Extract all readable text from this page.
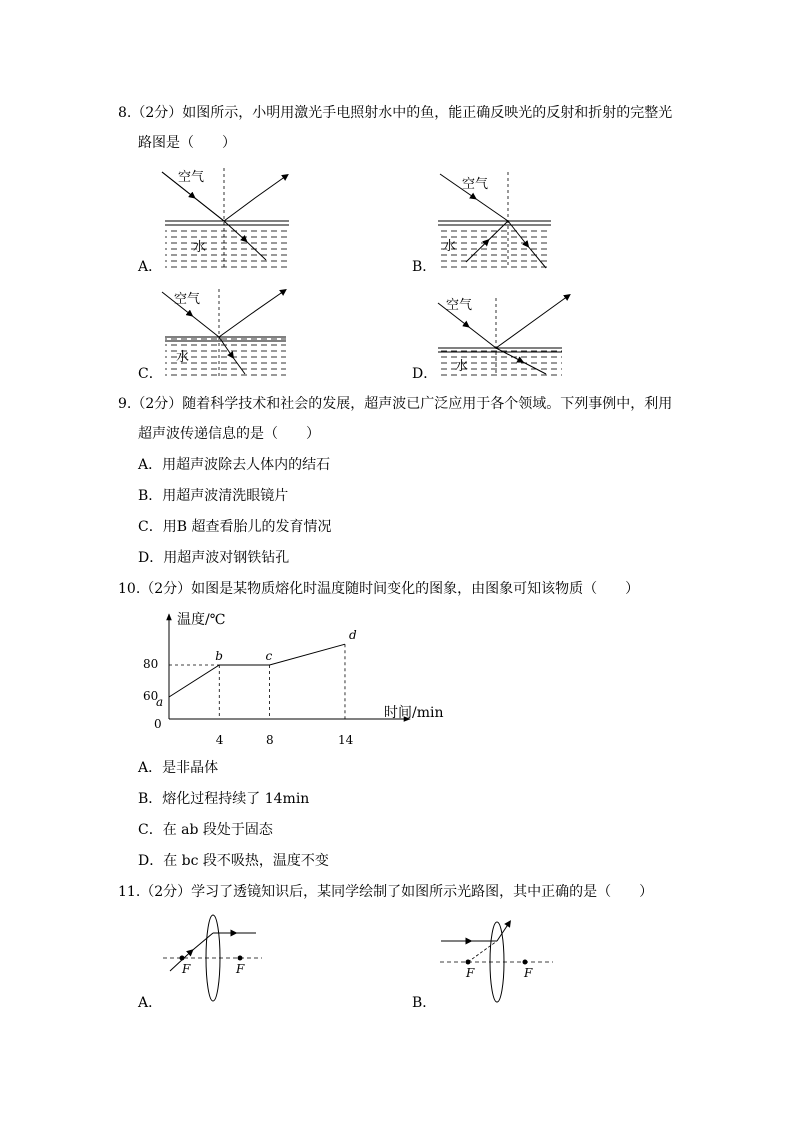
8.（2分）如图所示，小明用激光手电照射水中的鱼，能正确反映光的反射和折射的完整光
路图是（　　）
空气
水
空气
水
空气
水
空气
水
A．	B．
C．	D．
9.（2分）随着科学技术和社会的发展，超声波已广泛应用于各个领域。下列事例中，利用
超声波传递信息的是（　　）
A．用超声波除去人体内的结石
B．用超声波清洗眼镜片
C．用B 超查看胎儿的发育情况
D．用超声波对钢铁钻孔
10.（2分）如图是某物质熔化时温度随时间变化的图象，由图象可知该物质（　　）
温度/℃
时间/min
0
4	8	14
60
80
a
b	c
d
A．是非晶体
B．熔化过程持续了 14min
C．在 ab 段处于固态
D．在 bc 段不吸热，温度不变
11.（2分）学习了透镜知识后，某同学绘制了如图所示光路图，其中正确的是（　　）
F	F	F	F
A．	B．
